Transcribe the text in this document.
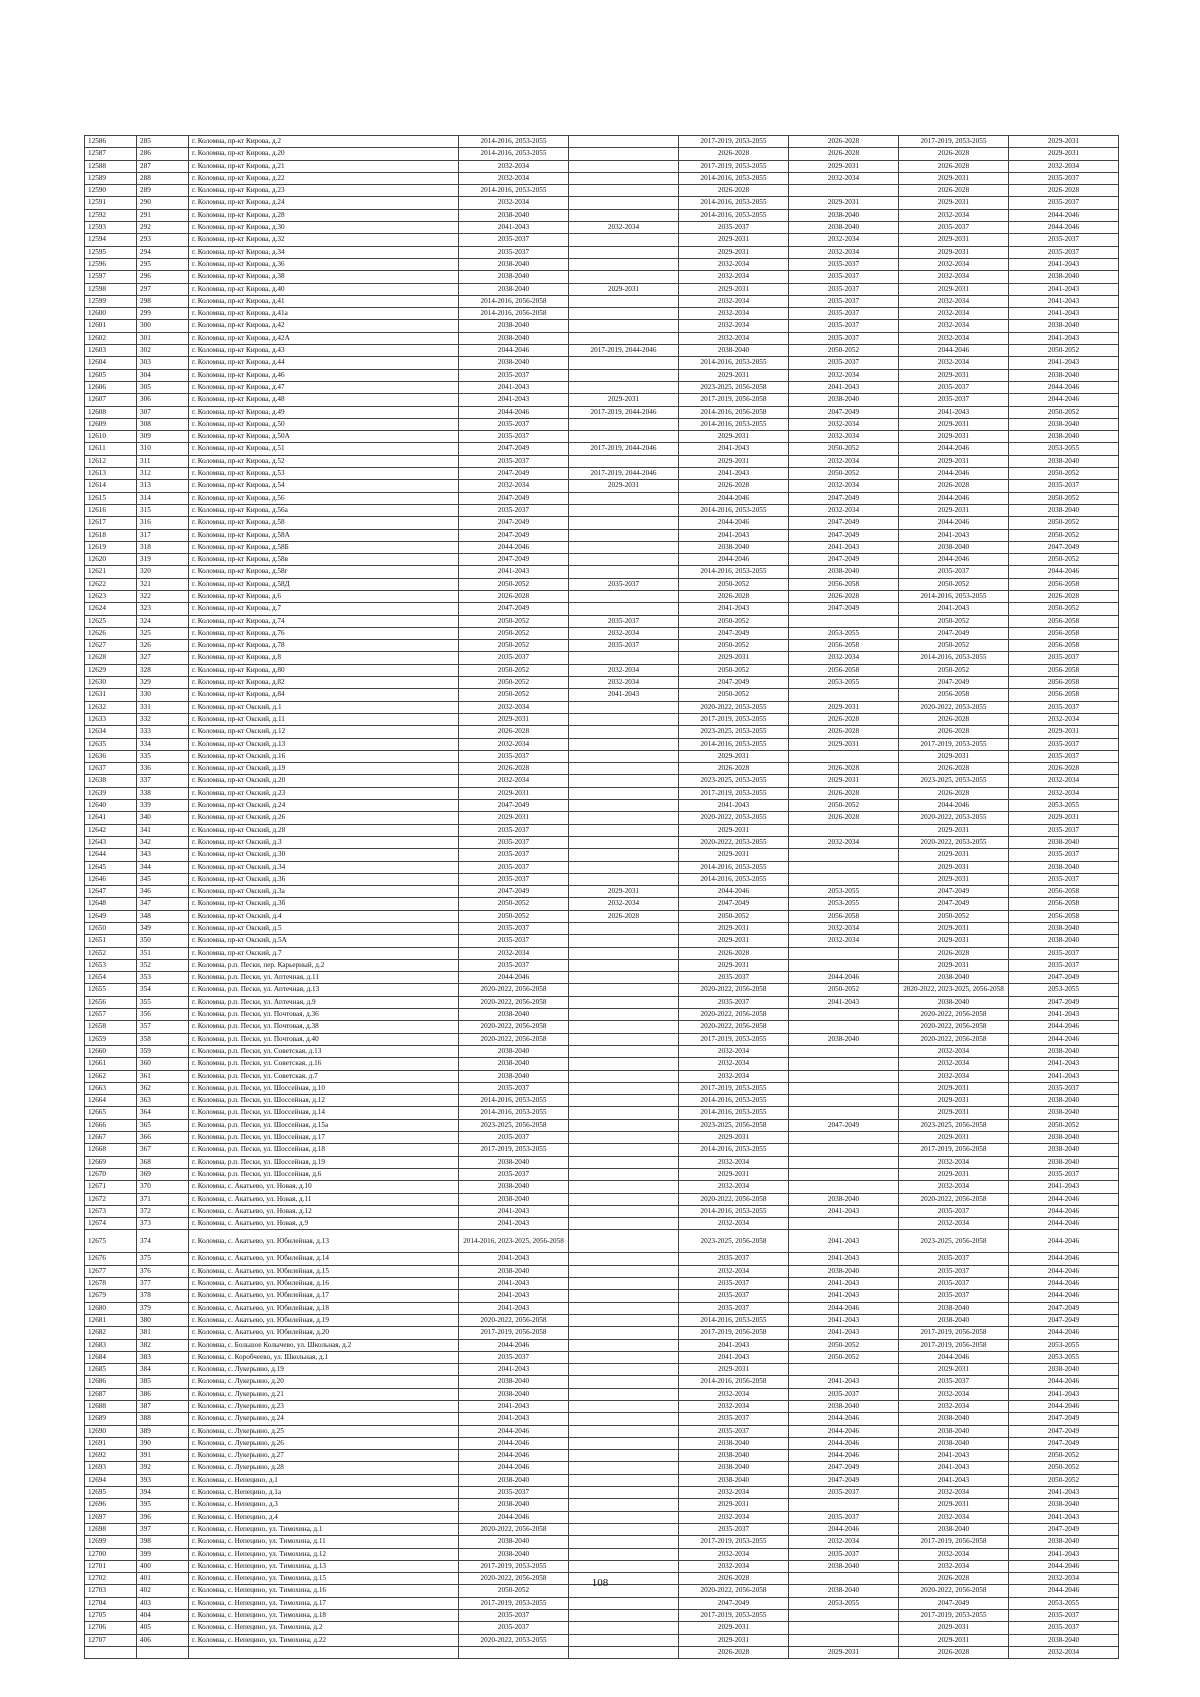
12586	285	г. Коломна, пр-кт Кирова, д.2	2014-2016, 2053-2055		2017-2019, 2053-2055	2026-2028	2017-2019, 2053-2055	2029-2031
12587	286	г. Коломна, пр-кт Кирова, д.20	2014-2016, 2053-2055		2026-2028	2026-2028	2026-2028	2029-2031
12588	287	г. Коломна, пр-кт Кирова, д.21	2032-2034		2017-2019, 2053-2055	2029-2031	2026-2028	2032-2034
12589	288	г. Коломна, пр-кт Кирова, д.22	2032-2034		2014-2016, 2053-2055	2032-2034	2029-2031	2035-2037
12590	289	г. Коломна, пр-кт Кирова, д.23	2014-2016, 2053-2055		2026-2028		2026-2028	2026-2028
12591	290	г. Коломна, пр-кт Кирова, д.24	2032-2034		2014-2016, 2053-2055	2029-2031	2029-2031	2035-2037
12592	291	г. Коломна, пр-кт Кирова, д.28	2038-2040		2014-2016, 2053-2055	2038-2040	2032-2034	2044-2046
12593	292	г. Коломна, пр-кт Кирова, д.30	2041-2043	2032-2034	2035-2037	2038-2040	2035-2037	2044-2046
12594	293	г. Коломна, пр-кт Кирова, д.32	2035-2037		2029-2031	2032-2034	2029-2031	2035-2037
12595	294	г. Коломна, пр-кт Кирова, д.34	2035-2037		2029-2031	2032-2034	2029-2031	2035-2037
12596	295	г. Коломна, пр-кт Кирова, д.36	2038-2040		2032-2034	2035-2037	2032-2034	2041-2043
12597	296	г. Коломна, пр-кт Кирова, д.38	2038-2040		2032-2034	2035-2037	2032-2034	2038-2040
12598	297	г. Коломна, пр-кт Кирова, д.40	2038-2040	2029-2031	2029-2031	2035-2037	2029-2031	2041-2043
12599	298	г. Коломна, пр-кт Кирова, д.41	2014-2016, 2056-2058		2032-2034	2035-2037	2032-2034	2041-2043
12600	299	г. Коломна, пр-кт Кирова, д.41а	2014-2016, 2056-2058		2032-2034	2035-2037	2032-2034	2041-2043
12601	300	г. Коломна, пр-кт Кирова, д.42	2038-2040		2032-2034	2035-2037	2032-2034	2038-2040
12602	301	г. Коломна, пр-кт Кирова, д.42А	2038-2040		2032-2034	2035-2037	2032-2034	2041-2043
12603	302	г. Коломна, пр-кт Кирова, д.43	2044-2046	2017-2019, 2044-2046	2038-2040	2050-2052	2044-2046	2050-2052
12604	303	г. Коломна, пр-кт Кирова, д.44	2038-2040		2014-2016, 2053-2055	2035-2037	2032-2034	2041-2043
12605	304	г. Коломна, пр-кт Кирова, д.46	2035-2037		2029-2031	2032-2034	2029-2031	2038-2040
12606	305	г. Коломна, пр-кт Кирова, д.47	2041-2043		2023-2025, 2056-2058	2041-2043	2035-2037	2044-2046
12607	306	г. Коломна, пр-кт Кирова, д.48	2041-2043	2029-2031	2017-2019, 2056-2058	2038-2040	2035-2037	2044-2046
12608	307	г. Коломна, пр-кт Кирова, д.49	2044-2046	2017-2019, 2044-2046	2014-2016, 2056-2058	2047-2049	2041-2043	2050-2052
12609	308	г. Коломна, пр-кт Кирова, д.50	2035-2037		2014-2016, 2053-2055	2032-2034	2029-2031	2038-2040
12610	309	г. Коломна, пр-кт Кирова, д.50А	2035-2037		2029-2031	2032-2034	2029-2031	2038-2040
12611	310	г. Коломна, пр-кт Кирова, д.51	2047-2049	2017-2019, 2044-2046	2041-2043	2050-2052	2044-2046	2053-2055
12612	311	г. Коломна, пр-кт Кирова, д.52	2035-2037		2029-2031	2032-2034	2029-2031	2038-2040
12613	312	г. Коломна, пр-кт Кирова, д.53	2047-2049	2017-2019, 2044-2046	2041-2043	2050-2052	2044-2046	2050-2052
12614	313	г. Коломна, пр-кт Кирова, д.54	2032-2034	2029-2031	2026-2028	2032-2034	2026-2028	2035-2037
12615	314	г. Коломна, пр-кт Кирова, д.56	2047-2049		2044-2046	2047-2049	2044-2046	2050-2052
12616	315	г. Коломна, пр-кт Кирова, д.56а	2035-2037		2014-2016, 2053-2055	2032-2034	2029-2031	2038-2040
12617	316	г. Коломна, пр-кт Кирова, д.58	2047-2049		2044-2046	2047-2049	2044-2046	2050-2052
12618	317	г. Коломна, пр-кт Кирова, д.58А	2047-2049		2041-2043	2047-2049	2041-2043	2050-2052
12619	318	г. Коломна, пр-кт Кирова, д.58Б	2044-2046		2038-2040	2041-2043	2038-2040	2047-2049
12620	319	г. Коломна, пр-кт Кирова, д.58в	2047-2049		2044-2046	2047-2049	2044-2046	2050-2052
12621	320	г. Коломна, пр-кт Кирова, д.58г	2041-2043		2014-2016, 2053-2055	2038-2040	2035-2037	2044-2046
12622	321	г. Коломна, пр-кт Кирова, д.58Д	2050-2052	2035-2037	2050-2052	2056-2058	2050-2052	2056-2058
12623	322	г. Коломна, пр-кт Кирова, д.6	2026-2028		2026-2028	2026-2028	2014-2016, 2053-2055	2026-2028
12624	323	г. Коломна, пр-кт Кирова, д.7	2047-2049		2041-2043	2047-2049	2041-2043	2050-2052
12625	324	г. Коломна, пр-кт Кирова, д.74	2050-2052	2035-2037	2050-2052		2050-2052	2056-2058
12626	325	г. Коломна, пр-кт Кирова, д.76	2050-2052	2032-2034	2047-2049	2053-2055	2047-2049	2056-2058
12627	326	г. Коломна, пр-кт Кирова, д.78	2050-2052	2035-2037	2050-2052	2056-2058	2050-2052	2056-2058
12628	327	г. Коломна, пр-кт Кирова, д.8	2035-2037		2029-2031	2032-2034	2014-2016, 2053-2055	2035-2037
12629	328	г. Коломна, пр-кт Кирова, д.80	2050-2052	2032-2034	2050-2052	2056-2058	2050-2052	2056-2058
12630	329	г. Коломна, пр-кт Кирова, д.82	2050-2052	2032-2034	2047-2049	2053-2055	2047-2049	2056-2058
12631	330	г. Коломна, пр-кт Кирова, д.84	2050-2052	2041-2043	2050-2052		2056-2058	2056-2058
12632	331	г. Коломна, пр-кт Окский, д.1	2032-2034		2020-2022, 2053-2055	2029-2031	2020-2022, 2053-2055	2035-2037
12633	332	г. Коломна, пр-кт Окский, д.11	2029-2031		2017-2019, 2053-2055	2026-2028	2026-2028	2032-2034
12634	333	г. Коломна, пр-кт Окский, д.12	2026-2028		2023-2025, 2053-2055	2026-2028	2026-2028	2029-2031
12635	334	г. Коломна, пр-кт Окский, д.13	2032-2034		2014-2016, 2053-2055	2029-2031	2017-2019, 2053-2055	2035-2037
12636	335	г. Коломна, пр-кт Окский, д.16	2035-2037		2029-2031		2029-2031	2035-2037
12637	336	г. Коломна, пр-кт Окский, д.19	2026-2028		2026-2028	2026-2028	2026-2028	2026-2028
12638	337	г. Коломна, пр-кт Окский, д.20	2032-2034		2023-2025, 2053-2055	2029-2031	2023-2025, 2053-2055	2032-2034
12639	338	г. Коломна, пр-кт Окский, д.23	2029-2031		2017-2019, 2053-2055	2026-2028	2026-2028	2032-2034
12640	339	г. Коломна, пр-кт Окский, д.24	2047-2049		2041-2043	2050-2052	2044-2046	2053-2055
12641	340	г. Коломна, пр-кт Окский, д.26	2029-2031		2020-2022, 2053-2055	2026-2028	2020-2022, 2053-2055	2029-2031
12642	341	г. Коломна, пр-кт Окский, д.28	2035-2037		2029-2031		2029-2031	2035-2037
12643	342	г. Коломна, пр-кт Окский, д.3	2035-2037		2020-2022, 2053-2055	2032-2034	2020-2022, 2053-2055	2038-2040
12644	343	г. Коломна, пр-кт Окский, д.30	2035-2037		2029-2031		2029-2031	2035-2037
12645	344	г. Коломна, пр-кт Окский, д.34	2035-2037		2014-2016, 2053-2055		2029-2031	2038-2040
12646	345	г. Коломна, пр-кт Окский, д.36	2035-2037		2014-2016, 2053-2055		2029-2031	2035-2037
12647	346	г. Коломна, пр-кт Окский, д.3а	2047-2049	2029-2031	2044-2046	2053-2055	2047-2049	2056-2058
12648	347	г. Коломна, пр-кт Окский, д.3б	2050-2052	2032-2034	2047-2049	2053-2055	2047-2049	2056-2058
12649	348	г. Коломна, пр-кт Окский, д.4	2050-2052	2026-2028	2050-2052	2056-2058	2050-2052	2056-2058
12650	349	г. Коломна, пр-кт Окский, д.5	2035-2037		2029-2031	2032-2034	2029-2031	2038-2040
12651	350	г. Коломна, пр-кт Окский, д.5А	2035-2037		2029-2031	2032-2034	2029-2031	2038-2040
12652	351	г. Коломна, пр-кт Окский, д.7	2032-2034		2026-2028		2026-2028	2035-2037
12653	352	г. Коломна, р.п. Пески, пер. Карьерный, д.2	2035-2037		2029-2031		2029-2031	2035-2037
12654	353	г. Коломна, р.п. Пески, ул. Аптечная, д.11	2044-2046		2035-2037	2044-2046	2038-2040	2047-2049
12655	354	г. Коломна, р.п. Пески, ул. Аптечная, д.13	2020-2022, 2056-2058		2020-2022, 2056-2058	2050-2052	2020-2022, 2023-2025, 2056-2058	2053-2055
12656	355	г. Коломна, р.п. Пески, ул. Аптечная, д.9	2020-2022, 2056-2058		2035-2037	2041-2043	2038-2040	2047-2049
12657	356	г. Коломна, р.п. Пески, ул. Почтовая, д.36	2038-2040		2020-2022, 2056-2058		2020-2022, 2056-2058	2041-2043
12658	357	г. Коломна, р.п. Пески, ул. Почтовая, д.38	2020-2022, 2056-2058		2020-2022, 2056-2058		2020-2022, 2056-2058	2044-2046
12659	358	г. Коломна, р.п. Пески, ул. Почтовая, д.40	2020-2022, 2056-2058		2017-2019, 2053-2055	2038-2040	2020-2022, 2056-2058	2044-2046
12660	359	г. Коломна, р.п. Пески, ул. Советская, д.13	2038-2040		2032-2034		2032-2034	2038-2040
12661	360	г. Коломна, р.п. Пески, ул. Советская, д.16	2038-2040		2032-2034		2032-2034	2041-2043
12662	361	г. Коломна, р.п. Пески, ул. Советская, д.7	2038-2040		2032-2034		2032-2034	2041-2043
12663	362	г. Коломна, р.п. Пески, ул. Шоссейная, д.10	2035-2037		2017-2019, 2053-2055		2029-2031	2035-2037
12664	363	г. Коломна, р.п. Пески, ул. Шоссейная, д.12	2014-2016, 2053-2055		2014-2016, 2053-2055		2029-2031	2038-2040
12665	364	г. Коломна, р.п. Пески, ул. Шоссейная, д.14	2014-2016, 2053-2055		2014-2016, 2053-2055		2029-2031	2038-2040
12666	365	г. Коломна, р.п. Пески, ул. Шоссейная, д.15а	2023-2025, 2056-2058		2023-2025, 2056-2058	2047-2049	2023-2025, 2056-2058	2050-2052
12667	366	г. Коломна, р.п. Пески, ул. Шоссейная, д.17	2035-2037		2029-2031		2029-2031	2038-2040
12668	367	г. Коломна, р.п. Пески, ул. Шоссейная, д.18	2017-2019, 2053-2055		2014-2016, 2053-2055		2017-2019, 2056-2058	2038-2040
12669	368	г. Коломна, р.п. Пески, ул. Шоссейная, д.19	2038-2040		2032-2034		2032-2034	2038-2040
12670	369	г. Коломна, р.п. Пески, ул. Шоссейная, д.6	2035-2037		2029-2031		2029-2031	2035-2037
12671	370	г. Коломна, с. Акатьево, ул. Новая, д.10	2038-2040		2032-2034		2032-2034	2041-2043
12672	371	г. Коломна, с. Акатьево, ул. Новая, д.11	2038-2040		2020-2022, 2056-2058	2038-2040	2020-2022, 2056-2058	2044-2046
12673	372	г. Коломна, с. Акатьево, ул. Новая, д.12	2041-2043		2014-2016, 2053-2055	2041-2043	2035-2037	2044-2046
12674	373	г. Коломна, с. Акатьево, ул. Новая, д.9	2041-2043		2032-2034		2032-2034	2044-2046
12675	374	г. Коломна, с. Акатьево, ул. Юбилейная, д.13	2014-2016, 2023-2025, 2056-2058		2023-2025, 2056-2058	2041-2043	2023-2025, 2056-2058	2044-2046
12676	375	г. Коломна, с. Акатьево, ул. Юбилейная, д.14	2041-2043		2035-2037	2041-2043	2035-2037	2044-2046
12677	376	г. Коломна, с. Акатьево, ул. Юбилейная, д.15	2038-2040		2032-2034	2038-2040	2035-2037	2044-2046
12678	377	г. Коломна, с. Акатьево, ул. Юбилейная, д.16	2041-2043		2035-2037	2041-2043	2035-2037	2044-2046
12679	378	г. Коломна, с. Акатьево, ул. Юбилейная, д.17	2041-2043		2035-2037	2041-2043	2035-2037	2044-2046
12680	379	г. Коломна, с. Акатьево, ул. Юбилейная, д.18	2041-2043		2035-2037	2044-2046	2038-2040	2047-2049
12681	380	г. Коломна, с. Акатьево, ул. Юбилейная, д.19	2020-2022, 2056-2058		2014-2016, 2053-2055	2041-2043	2038-2040	2047-2049
12682	381	г. Коломна, с. Акатьево, ул. Юбилейная, д.20	2017-2019, 2056-2058		2017-2019, 2056-2058	2041-2043	2017-2019, 2056-2058	2044-2046
12683	382	г. Коломна, с. Большое Колычево, ул. Школьная, д.2	2044-2046		2041-2043	2050-2052	2017-2019, 2056-2058	2053-2055
12684	383	г. Коломна, с. Коробчеево, ул. Школьная, д.1	2035-2037		2041-2043	2050-2052	2044-2046	2053-2055
12685	384	г. Коломна, с. Лукерьино, д.19	2041-2043		2029-2031		2029-2031	2038-2040
12686	385	г. Коломна, с. Лукерьино, д.20	2038-2040		2014-2016, 2056-2058	2041-2043	2035-2037	2044-2046
12687	386	г. Коломна, с. Лукерьино, д.21	2038-2040		2032-2034	2035-2037	2032-2034	2041-2043
12688	387	г. Коломна, с. Лукерьино, д.23	2041-2043		2032-2034	2038-2040	2032-2034	2044-2046
12689	388	г. Коломна, с. Лукерьино, д.24	2041-2043		2035-2037	2044-2046	2038-2040	2047-2049
12690	389	г. Коломна, с. Лукерьино, д.25	2044-2046		2035-2037	2044-2046	2038-2040	2047-2049
12691	390	г. Коломна, с. Лукерьино, д.26	2044-2046		2038-2040	2044-2046	2038-2040	2047-2049
12692	391	г. Коломна, с. Лукерьино, д.27	2044-2046		2038-2040	2044-2046	2041-2043	2050-2052
12693	392	г. Коломна, с. Лукерьино, д.28	2044-2046		2038-2040	2047-2049	2041-2043	2050-2052
12694	393	г. Коломна, с. Непецино, д.1	2038-2040		2038-2040	2047-2049	2041-2043	2050-2052
12695	394	г. Коломна, с. Непецино, д.1а	2035-2037		2032-2034	2035-2037	2032-2034	2041-2043
12696	395	г. Коломна, с. Непецино, д.3	2038-2040		2029-2031		2029-2031	2038-2040
12697	396	г. Коломна, с. Непецино, д.4	2044-2046		2032-2034	2035-2037	2032-2034	2041-2043
12698	397	г. Коломна, с. Непецино, ул. Тимохина, д.1	2020-2022, 2056-2058		2035-2037	2044-2046	2038-2040	2047-2049
12699	398	г. Коломна, с. Непецино, ул. Тимохина, д.11	2038-2040		2017-2019, 2053-2055	2032-2034	2017-2019, 2056-2058	2038-2040
12700	399	г. Коломна, с. Непецино, ул. Тимохина, д.12	2038-2040		2032-2034	2035-2037	2032-2034	2041-2043
12701	400	г. Коломна, с. Непецино, ул. Тимохина, д.13	2017-2019, 2053-2055		2032-2034	2038-2040	2032-2034	2044-2046
12702	401	г. Коломна, с. Непецино, ул. Тимохина, д.15	2020-2022, 2056-2058		2026-2028		2026-2028	2032-2034
12703	402	г. Коломна, с. Непецино, ул. Тимохина, д.16	2050-2052		2020-2022, 2056-2058	2038-2040	2020-2022, 2056-2058	2044-2046
12704	403	г. Коломна, с. Непецино, ул. Тимохина, д.17	2017-2019, 2053-2055		2047-2049	2053-2055	2047-2049	2053-2055
12705	404	г. Коломна, с. Непецино, ул. Тимохина, д.18	2035-2037		2017-2019, 2053-2055		2017-2019, 2053-2055	2035-2037
12706	405	г. Коломна, с. Непецино, ул. Тимохина, д.2	2035-2037		2029-2031		2029-2031	2035-2037
12707	406	г. Коломна, с. Непецино, ул. Тимохина, д.22	2020-2022, 2053-2055		2029-2031		2029-2031	2038-2040
					2026-2028	2029-2031	2026-2028	2032-2034
108
